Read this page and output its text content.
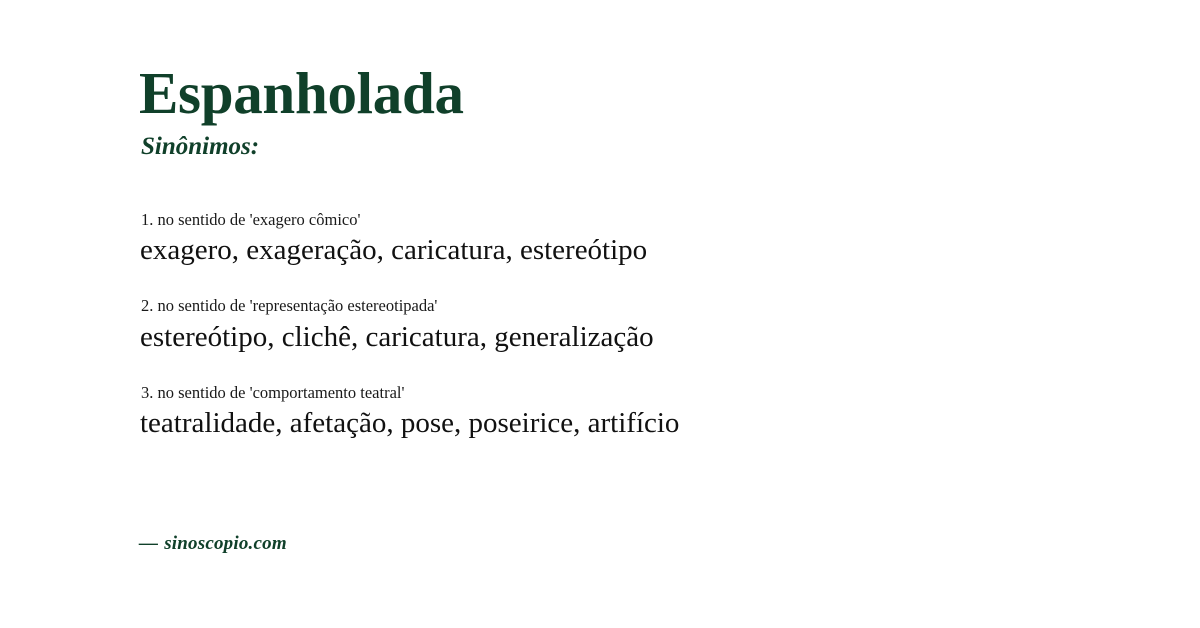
Espanholada
Sinônimos:
1. no sentido de 'exagero cômico'
exagero, exageração, caricatura, estereótipo
2. no sentido de 'representação estereotipada'
estereótipo, clichê, caricatura, generalização
3. no sentido de 'comportamento teatral'
teatralidade, afetação, pose, poseirice, artifício
— sinoscopio.com
